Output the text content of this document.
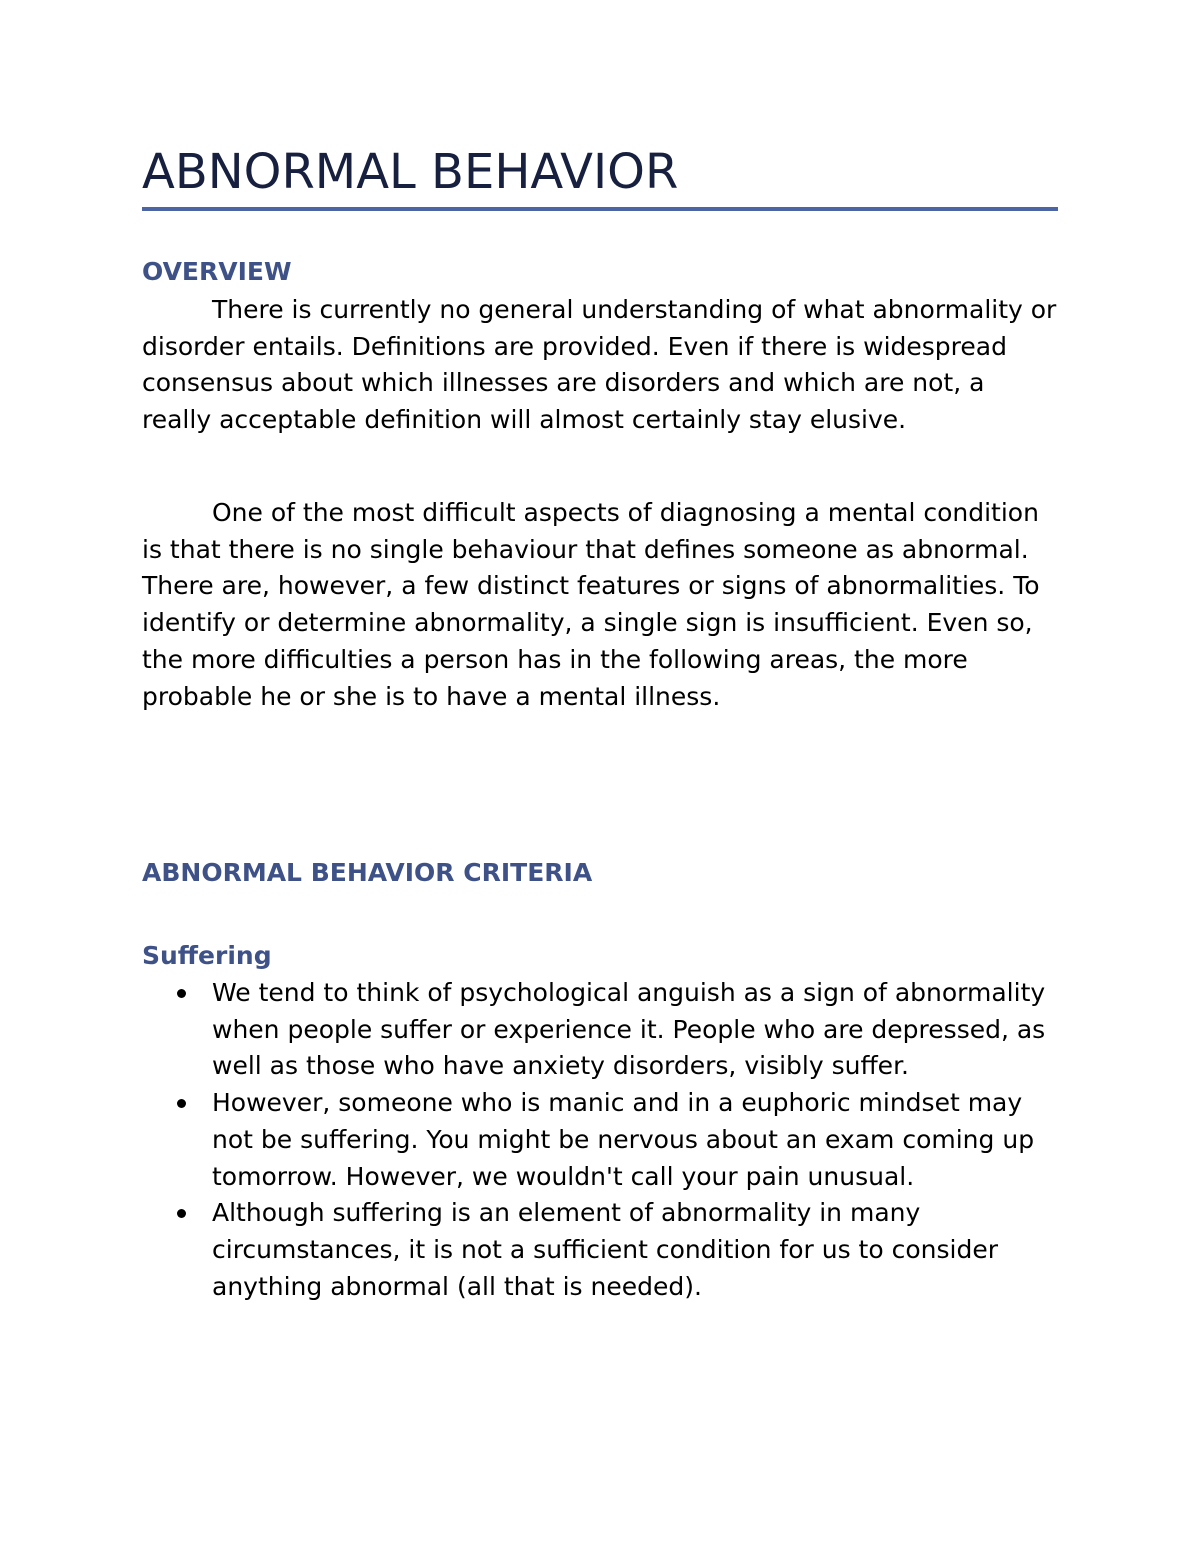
ABNORMAL BEHAVIOR
OVERVIEW

There is currently no general understanding of what abnormality or disorder entails. Definitions are provided. Even if there is widespread consensus about which illnesses are disorders and which are not, a really acceptable definition will almost certainly stay elusive.

One of the most difficult aspects of diagnosing a mental condition is that there is no single behaviour that defines someone as abnormal. There are, however, a few distinct features or signs of abnormalities. To identify or determine abnormality, a single sign is insufficient. Even so, the more difficulties a person has in the following areas, the more probable he or she is to have a mental illness.

ABNORMAL BEHAVIOR CRITERIA
Suffering
We tend to think of psychological anguish as a sign of abnormality when people suffer or experience it. People who are depressed, as well as those who have anxiety disorders, visibly suffer.
However, someone who is manic and in a euphoric mindset may not be suffering. You might be nervous about an exam coming up tomorrow. However, we wouldn't call your pain unusual.
Although suffering is an element of abnormality in many circumstances, it is not a sufficient condition for us to consider anything abnormal (all that is needed).
